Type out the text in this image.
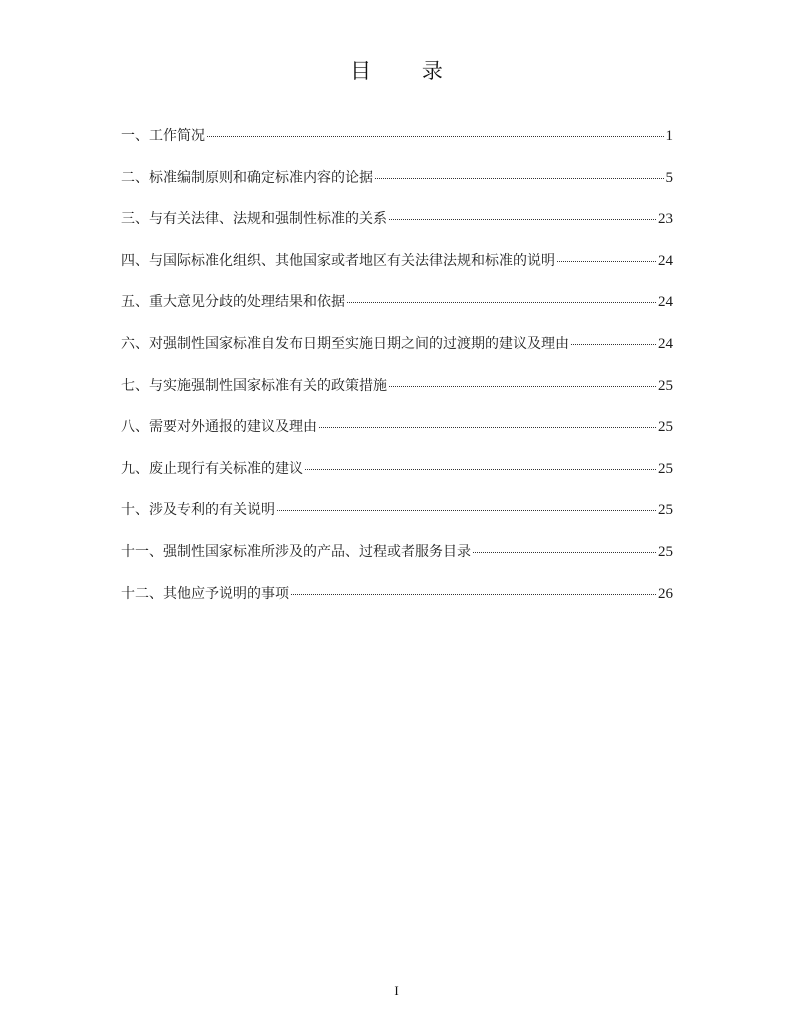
目 录
一、工作简况	1
二、标准编制原则和确定标准内容的论据	5
三、与有关法律、法规和强制性标准的关系	23
四、与国际标准化组织、其他国家或者地区有关法律法规和标准的说明	24
五、重大意见分歧的处理结果和依据	24
六、对强制性国家标准自发布日期至实施日期之间的过渡期的建议及理由	24
七、与实施强制性国家标准有关的政策措施	25
八、需要对外通报的建议及理由	25
九、废止现行有关标准的建议	25
十、涉及专利的有关说明	25
十一、强制性国家标准所涉及的产品、过程或者服务目录	25
十二、其他应予说明的事项	26
I
